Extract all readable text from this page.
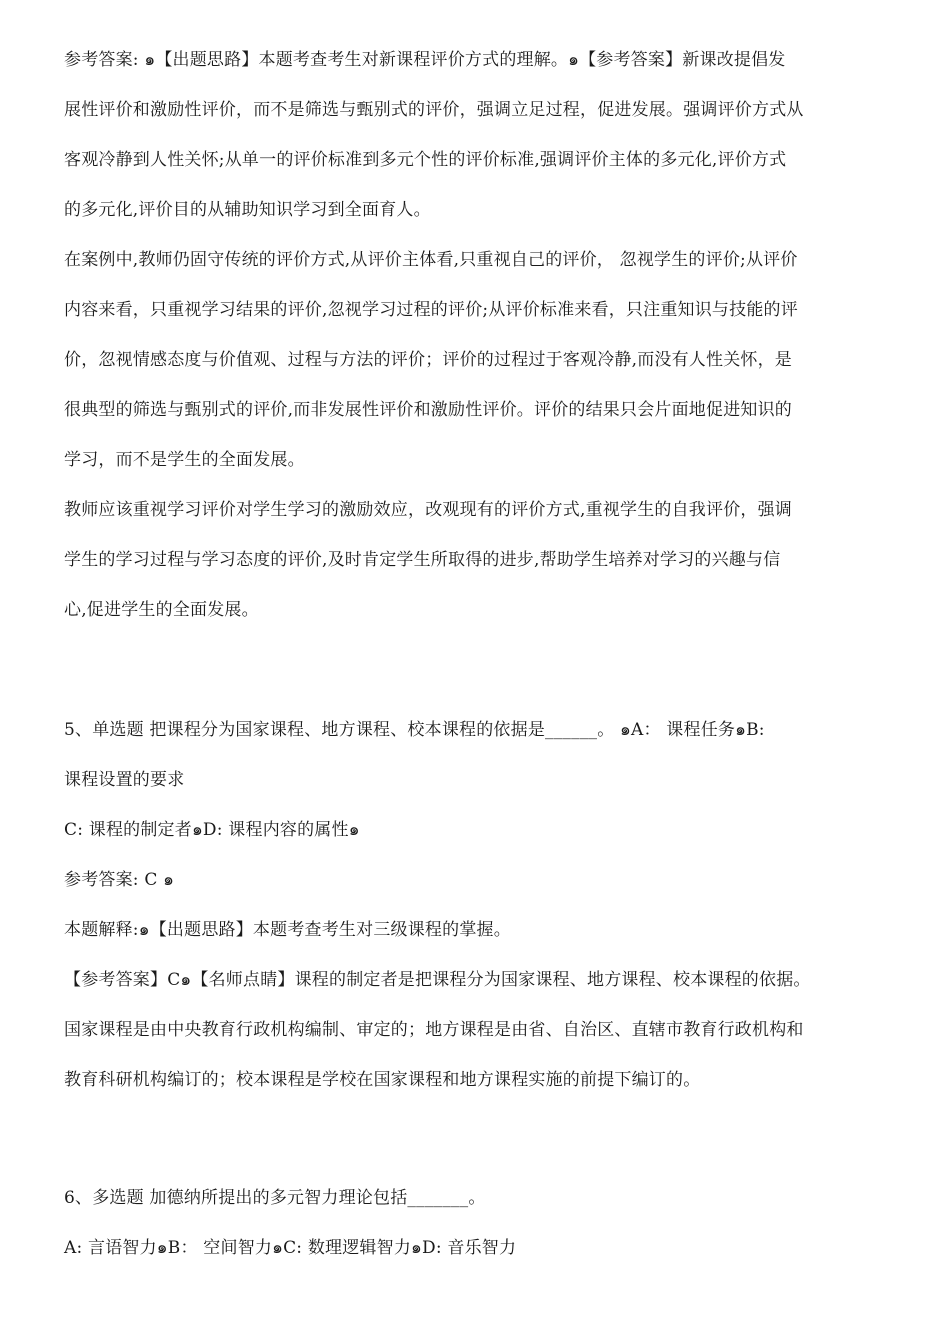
参考答案: ๑【出题思路】本题考查考生对新课程评价方式的理解。๑【参考答案】新课改提倡发
展性评价和激励性评价，而不是筛选与甄别式的评价，强调立足过程，促进发展。强调评价方式从
客观冷静到人性关怀;从单一的评价标准到多元个性的评价标准,强调评价主体的多元化,评价方式
的多元化,评价目的从辅助知识学习到全面育人。
在案例中,教师仍固守传统的评价方式,从评价主体看,只重视自己的评价， 忽视学生的评价;从评价
内容来看，只重视学习结果的评价,忽视学习过程的评价;从评价标准来看，只注重知识与技能的评
价，忽视情感态度与价值观、过程与方法的评价；评价的过程过于客观冷静,而没有人性关怀，是
很典型的筛选与甄别式的评价,而非发展性评价和激励性评价。评价的结果只会片面地促进知识的
学习，而不是学生的全面发展。
教师应该重视学习评价对学生学习的激励效应，改观现有的评价方式,重视学生的自我评价，强调
学生的学习过程与学习态度的评价,及时肯定学生所取得的进步,帮助学生培养对学习的兴趣与信
心,促进学生的全面发展。
5、单选题 把课程分为国家课程、地方课程、校本课程的依据是______。 ๑A： 课程任务๑B:
课程设置的要求
C: 课程的制定者๑D: 课程内容的属性๑
参考答案: C ๑
本题解释:๑【出题思路】本题考查考生对三级课程的掌握。
【参考答案】C๑【名师点睛】课程的制定者是把课程分为国家课程、地方课程、校本课程的依据。
国家课程是由中央教育行政机构编制、审定的；地方课程是由省、自治区、直辖市教育行政机构和
教育科研机构编订的；校本课程是学校在国家课程和地方课程实施的前提下编订的。
6、多选题 加德纳所提出的多元智力理论包括_______。
A: 言语智力๑B： 空间智力๑C: 数理逻辑智力๑D: 音乐智力
